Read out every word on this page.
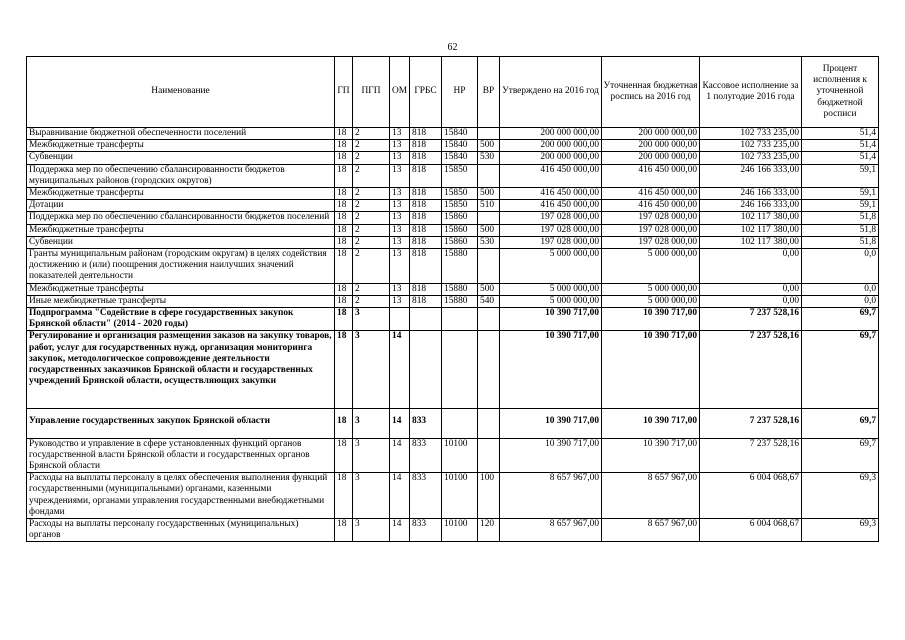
62
Наименование	ГП	ПГП	ОМ	ГРБС	НР	ВР	Утверждено на 2016 год	Уточненная бюджетная роспись на 2016 год	Кассовое исполнение за 1 полугодие 2016 года	Процент исполнения к уточненной бюджетной росписи
Выравнивание бюджетной обеспеченности поселений	18	2	13	818	15840		200 000 000,00	200 000 000,00	102 733 235,00	51,4
Межбюджетные трансферты	18	2	13	818	15840	500	200 000 000,00	200 000 000,00	102 733 235,00	51,4
Субвенции	18	2	13	818	15840	530	200 000 000,00	200 000 000,00	102 733 235,00	51,4
Поддержка мер по обеспечению сбалансированности бюджетов муниципальных районов (городских округов)	18	2	13	818	15850		416 450 000,00	416 450 000,00	246 166 333,00	59,1
Межбюджетные трансферты	18	2	13	818	15850	500	416 450 000,00	416 450 000,00	246 166 333,00	59,1
Дотации	18	2	13	818	15850	510	416 450 000,00	416 450 000,00	246 166 333,00	59,1
Поддержка мер по обеспечению сбалансированности бюджетов поселений	18	2	13	818	15860		197 028 000,00	197 028 000,00	102 117 380,00	51,8
Межбюджетные трансферты	18	2	13	818	15860	500	197 028 000,00	197 028 000,00	102 117 380,00	51,8
Субвенции	18	2	13	818	15860	530	197 028 000,00	197 028 000,00	102 117 380,00	51,8
Гранты муниципальным районам (городским округам) в целях содействия достижению и (или) поощрения достижения наилучших значений показателей деятельности	18	2	13	818	15880		5 000 000,00	5 000 000,00	0,00	0,0
Межбюджетные трансферты	18	2	13	818	15880	500	5 000 000,00	5 000 000,00	0,00	0,0
Иные межбюджетные трансферты	18	2	13	818	15880	540	5 000 000,00	5 000 000,00	0,00	0,0
Подпрограмма "Содействие в сфере государственных закупок Брянской области" (2014 - 2020 годы)	18	3					10 390 717,00	10 390 717,00	7 237 528,16	69,7
Регулирование и организация размещения заказов на закупку товаров, работ, услуг для государственных нужд, организация мониторинга закупок, методологическое сопровождение деятельности государственных заказчиков Брянской области и государственных учреждений Брянской области, осуществляющих закупки	18	3	14				10 390 717,00	10 390 717,00	7 237 528,16	69,7
Управление государственных закупок Брянской области	18	3	14	833			10 390 717,00	10 390 717,00	7 237 528,16	69,7
Руководство и управление в сфере установленных функций органов государственной власти Брянской области и государственных органов Брянской области	18	3	14	833	10100		10 390 717,00	10 390 717,00	7 237 528,16	69,7
Расходы на выплаты персоналу в целях обеспечения выполнения функций государственными (муниципальными) органами, казенными учреждениями, органами управления государственными внебюджетными фондами	18	3	14	833	10100	100	8 657 967,00	8 657 967,00	6 004 068,67	69,3
Расходы на выплаты персоналу государственных (муниципальных) органов	18	3	14	833	10100	120	8 657 967,00	8 657 967,00	6 004 068,67	69,3
